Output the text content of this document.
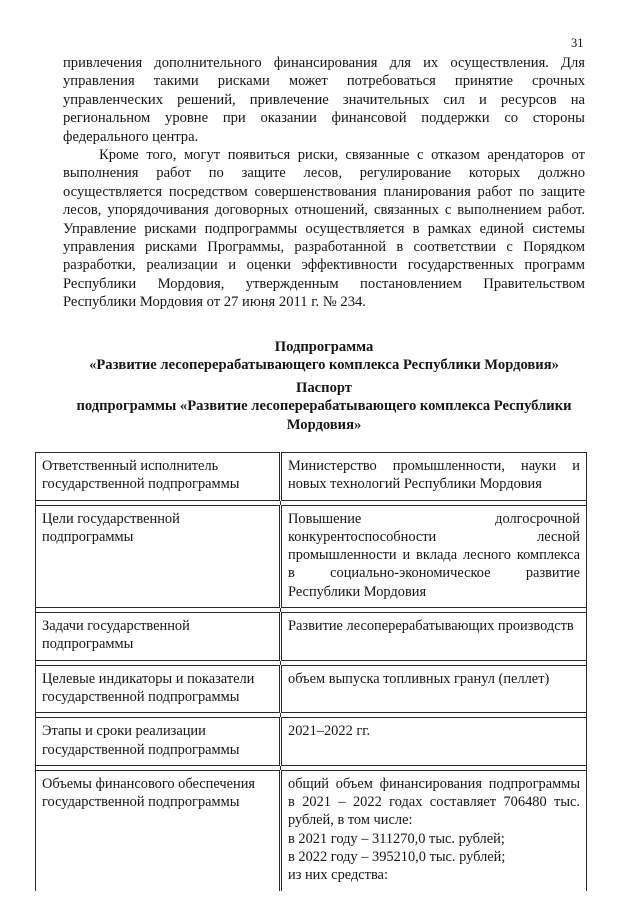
31

привлечения дополнительного финансирования для их осуществления. Для управления такими рисками может потребоваться принятие срочных управленческих решений, привлечение значительных сил и ресурсов на региональном уровне при оказании финансовой поддержки со стороны федерального центра.

Кроме того, могут появиться риски, связанные с отказом арендаторов от выполнения работ по защите лесов, регулирование которых должно осуществляется посредством совершенствования планирования работ по защите лесов, упорядочивания договорных отношений, связанных с выполнением работ. Управление рисками подпрограммы осуществляется в рамках единой системы управления рисками Программы, разработанной в соответствии с Порядком разработки, реализации и оценки эффективности государственных программ Республики Мордовия, утвержденным постановлением Правительством Республики Мордовия от 27 июня 2011 г. № 234.

Подпрограмма
«Развитие лесоперерабатывающего комплекса Республики Мордовия»
Паспорт
подпрограммы «Развитие лесоперерабатывающего комплекса Республики Мордовия»
Ответственный исполнитель государственной подпрограммы	Министерство промышленности, науки и новых технологий Республики Мордовия

Цели государственной подпрограммы	Повышение долгосрочной конкурентоспособности лесной промышленности и вклада лесного комплекса в социально-экономическое развитие Республики Мордовия

Задачи государственной подпрограммы	Развитие лесоперерабатывающих производств

Целевые индикаторы и показатели государственной подпрограммы	объем выпуска топливных гранул (пеллет)

Этапы и сроки реализации государственной подпрограммы	2021–2022 гг.

Объемы финансового обеспечения государственной подпрограммы	общий объем финансирования подпрограммы в 2021 – 2022 годах составляет 706480 тыс. рублей, в том числе:
в 2021 году – 311270,0 тыс. рублей;
в 2022 году – 395210,0 тыс. рублей;
из них средства:
